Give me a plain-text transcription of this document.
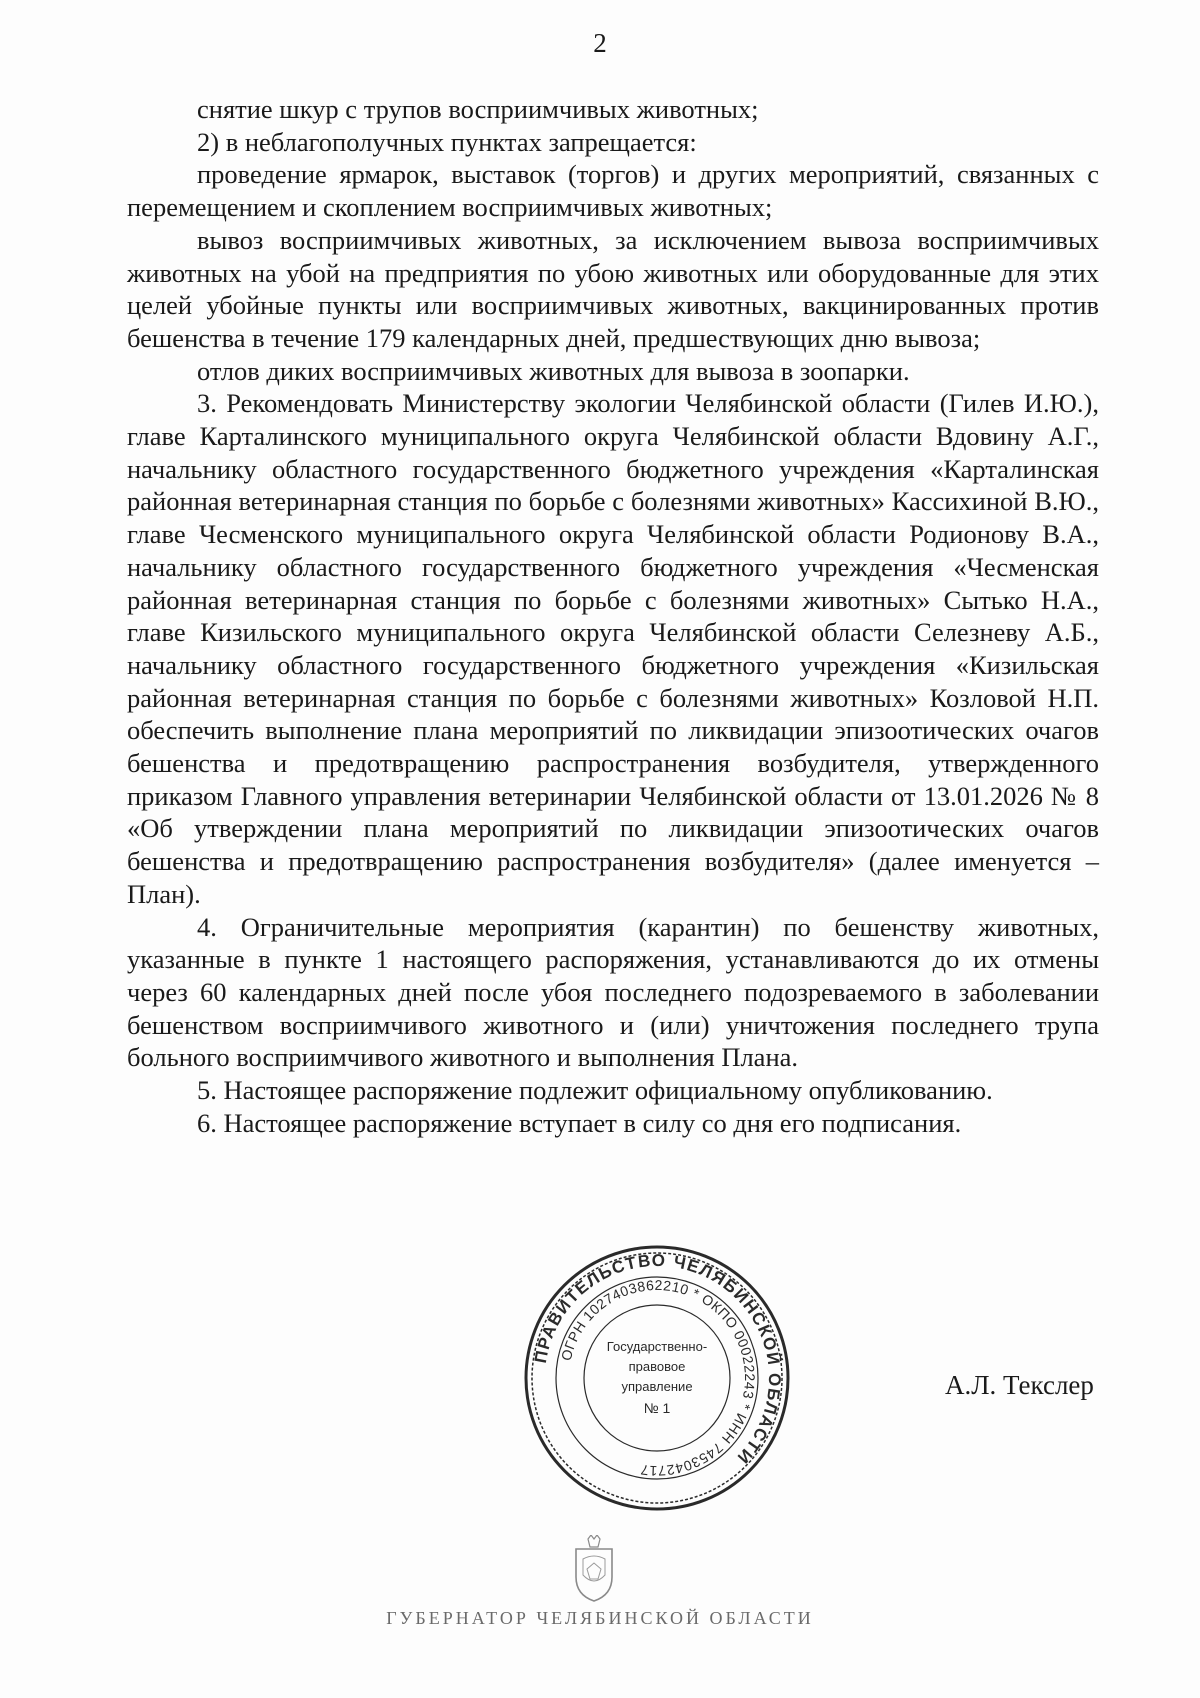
2

снятие шкур с трупов восприимчивых животных;

2) в неблагополучных пунктах запрещается:

проведение ярмарок, выставок (торгов) и других мероприятий, связанных с перемещением и скоплением восприимчивых животных;

вывоз восприимчивых животных, за исключением вывоза восприимчивых животных на убой на предприятия по убою животных или оборудованные для этих целей убойные пункты или восприимчивых животных, вакцинированных против бешенства в течение 179 календарных дней, предшествующих дню вывоза;

отлов диких восприимчивых животных для вывоза в зоопарки.

3. Рекомендовать Министерству экологии Челябинской области (Гилев И.Ю.), главе Карталинского муниципального округа Челябинской области Вдовину А.Г., начальнику областного государственного бюджетного учреждения «Карталинская районная ветеринарная станция по борьбе с болезнями животных» Кассихиной В.Ю., главе Чесменского муниципального округа Челябинской области Родионову В.А., начальнику областного государственного бюджетного учреждения «Чесменская районная ветеринарная станция по борьбе с болезнями животных» Сытько Н.А., главе Кизильского муниципального округа Челябинской области Селезневу А.Б., начальнику областного государственного бюджетного учреждения «Кизильская районная ветеринарная станция по борьбе с болезнями животных» Козловой Н.П. обеспечить выполнение плана мероприятий по ликвидации эпизоотических очагов бешенства и предотвращению распространения возбудителя, утвержденного приказом Главного управления ветеринарии Челябинской области от 13.01.2026 № 8 «Об утверждении плана мероприятий по ликвидации эпизоотических очагов бешенства и предотвращению распространения возбудителя» (далее именуется – План).

4. Ограничительные мероприятия (карантин) по бешенству животных, указанные в пункте 1 настоящего распоряжения, устанавливаются до их отмены через 60 календарных дней после убоя последнего подозреваемого в заболевании бешенством восприимчивого животного и (или) уничтожения последнего трупа больного восприимчивого животного и выполнения Плана.

5. Настоящее распоряжение подлежит официальному опубликованию.

6. Настоящее распоряжение вступает в силу со дня его подписания.

ПРАВИТЕЛЬСТВО ЧЕЛЯБИНСКОЙ ОБЛАСТИ
ОГРН 1027403862210 * ОКПО 00022243 * ИНН 7453042717
Государственно-
правовое
управление
№ 1
А.Л. Текслер
ГУБЕРНАТОР ЧЕЛЯБИНСКОЙ ОБЛАСТИ
